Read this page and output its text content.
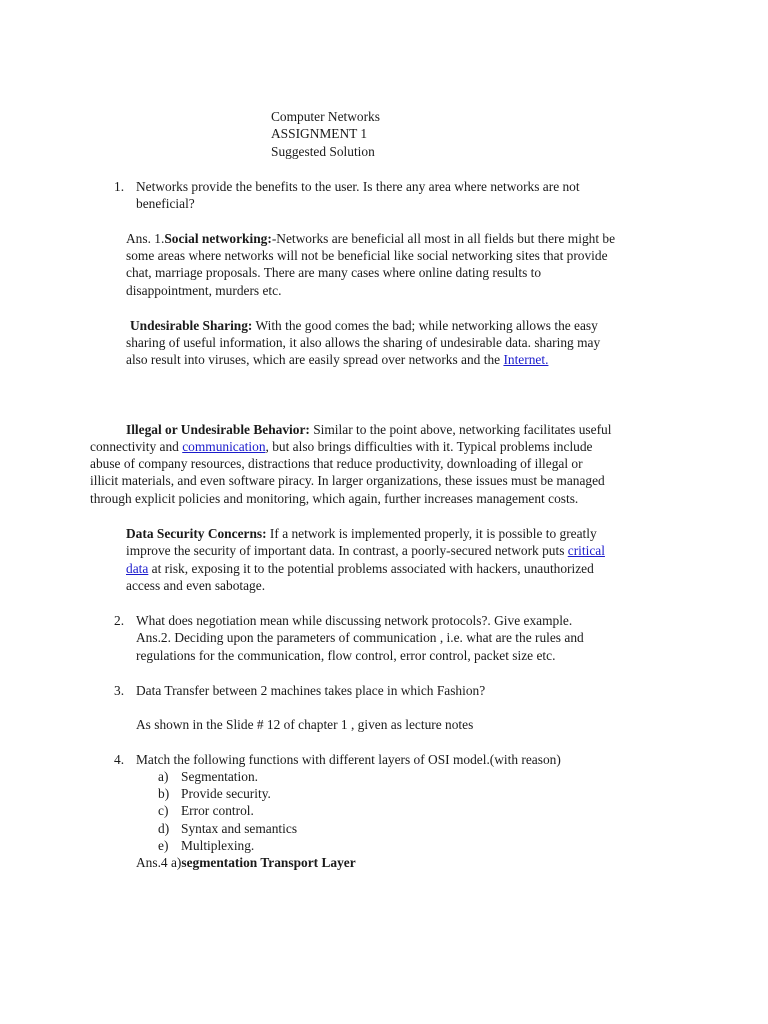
Computer Networks
ASSIGNMENT 1
Suggested Solution
1. Networks provide the benefits to the user. Is there any area where networks are not
beneficial?
Ans. 1.Social networking:-Networks are beneficial all most in all fields but there might be
some areas where networks will not be beneficial like social networking sites that provide
chat, marriage proposals. There are many cases where online dating results to
disappointment, murders etc.
Undesirable Sharing: With the good comes the bad; while networking allows the easy
sharing of useful information, it also allows the sharing of undesirable data. sharing may
also result into viruses, which are easily spread over networks and the Internet.
Illegal or Undesirable Behavior: Similar to the point above, networking facilitates useful
connectivity and communication, but also brings difficulties with it. Typical problems include
abuse of company resources, distractions that reduce productivity, downloading of illegal or
illicit materials, and even software piracy. In larger organizations, these issues must be managed
through explicit policies and monitoring, which again, further increases management costs.
Data Security Concerns: If a network is implemented properly, it is possible to greatly
improve the security of important data. In contrast, a poorly-secured network puts critical
data at risk, exposing it to the potential problems associated with hackers, unauthorized
access and even sabotage.
2. What does negotiation mean while discussing network protocols?. Give example.
Ans.2. Deciding upon the parameters of communication , i.e. what are the rules and
regulations for the communication, flow control, error control, packet size etc.
3. Data Transfer between 2 machines takes place in which Fashion?
As shown in the Slide # 12 of chapter 1 , given as lecture notes
4. Match the following functions with different layers of OSI model.(with reason)
a) Segmentation.
b) Provide security.
c) Error control.
d) Syntax and semantics
e) Multiplexing.
Ans.4 a)segmentation Transport Layer
